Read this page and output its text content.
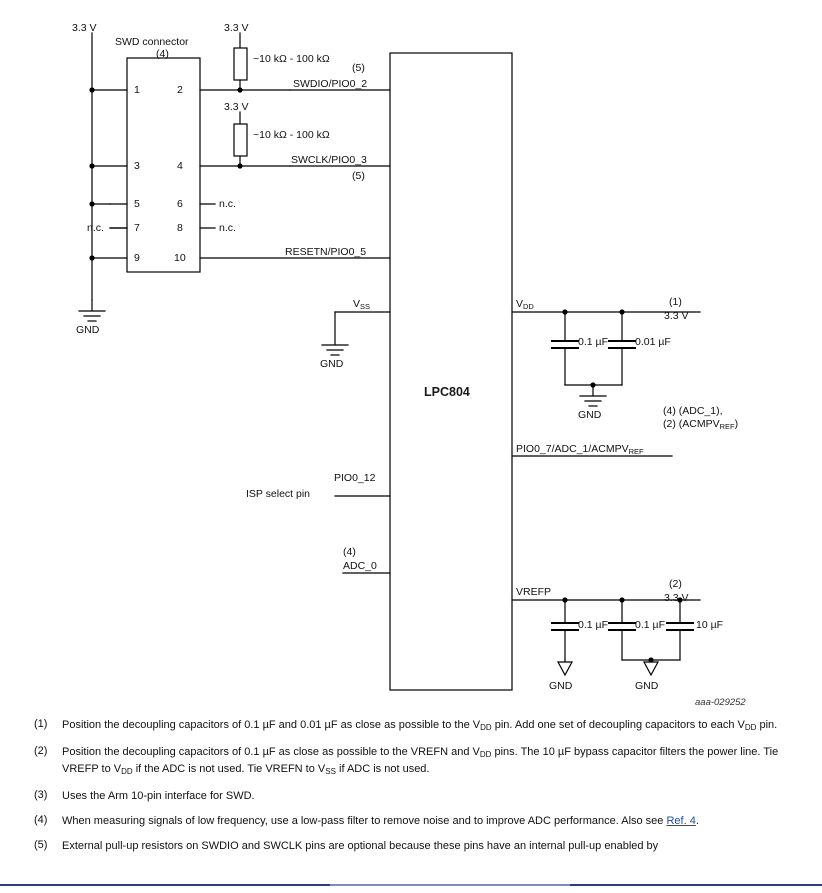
3.3 V
SWD connector
(4)
3.3 V
~10 kΩ - 100 kΩ
3.3 V
~10 kΩ - 100 kΩ
(5)
SWDIO/PIO0_2
SWCLK/PIO0_3
(5)
RESETN/PIO0_5
1	2
3	4
5	6
7	8
9	10
n.c.
n.c.	n.c.
GND
$V_{SS}$
GND
LPC804
$V_{DD}$	(1)
3.3 V
0.1 µF	0.01 µF
GND	(4) (ADC_1),
(2) $(ACMPV_{REF})$
$PIO0\_7/ADC\_1/ACMPV_{REF}$
ISP select pin
PIO0_12
(4)
ADC_0
VREFP
(2)
3.3 V
0.1 µF	0.1 µF	10 µF
GND	GND
aaa-029252
(1)	Position the decoupling capacitors of 0.1 µF and 0.01 µF as close as possible to the $V_{DD}$ pin. Add one set of decoupling capacitors to each $V_{DD}$ pin.
(2)	Position the decoupling capacitors of 0.1 µF as close as possible to the VREFN and $V_{DD}$ pins. The 10 µF bypass capacitor filters the power line. Tie VREFP to $V_{DD}$ if the ADC is not used. Tie VREFN to $V_{SS}$ if ADC is not used.
(3)	Uses the Arm 10-pin interface for SWD.
(4)	When measuring signals of low frequency, use a low-pass filter to remove noise and to improve ADC performance. Also see Ref. 4.
(5)	External pull-up resistors on SWDIO and SWCLK pins are optional because these pins have an internal pull-up enabled by
